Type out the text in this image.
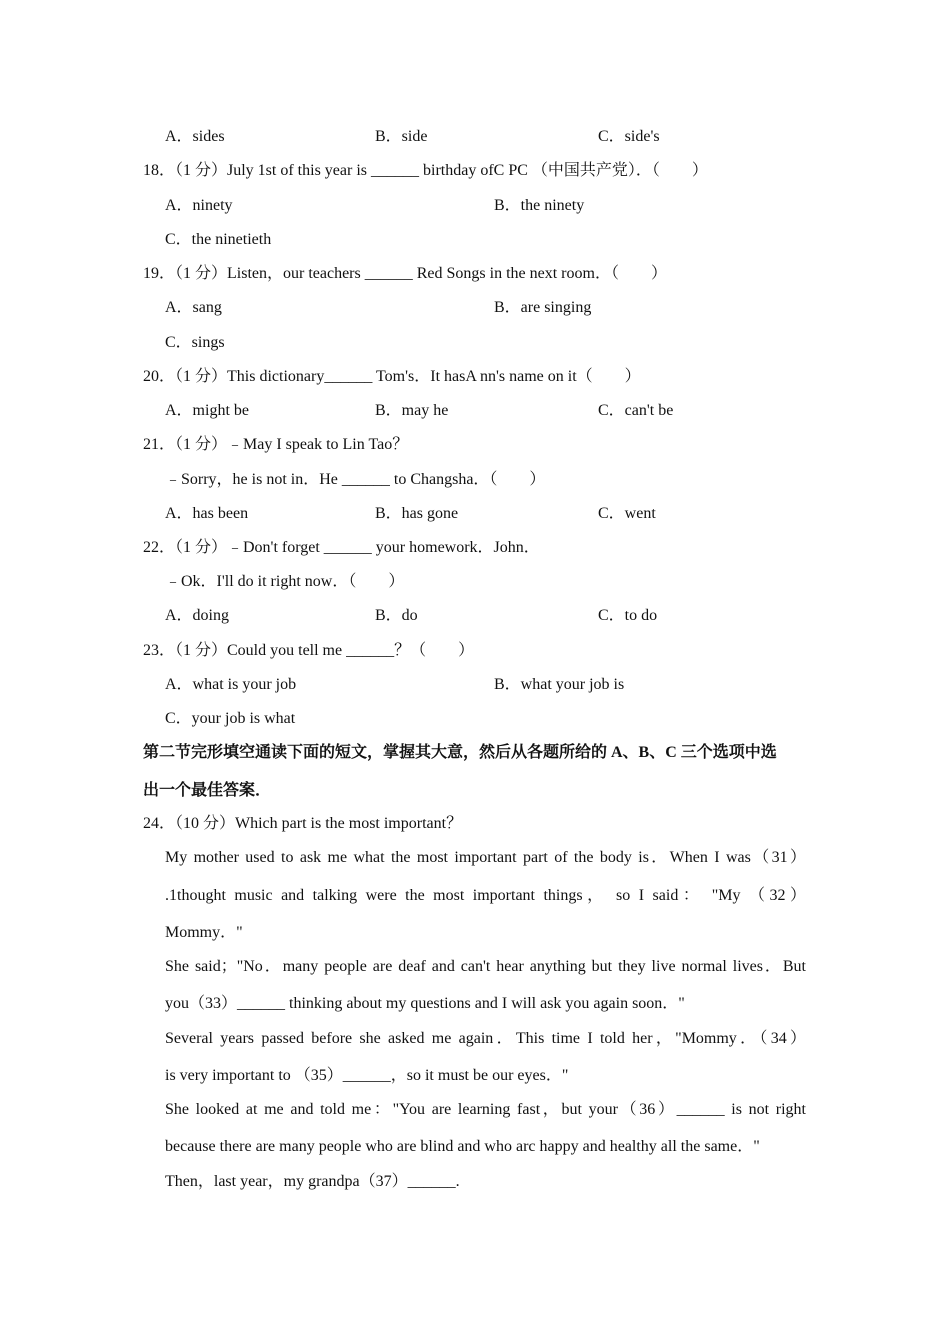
A．sides	B．side	C．side's
18．（1 分）July 1st of this year is ______ birthday ofC PC （中国共产党）．（　　）
A．ninety	B．the ninety
C．the ninetieth
19．（1 分）Listen，our teachers ______ Red Songs in the next room．（　　）
A．sang	B．are singing
C．sings
20．（1 分）This dictionary______ Tom's．It hasA nn's name on it（　　）
A．might be	B．may he	C．can't be
21．（1 分）﹣May I speak to Lin Tao？
﹣Sorry，he is not in．He ______ to Changsha．（　　）
A．has been	B．has gone	C．went
22．（1 分）﹣Don't forget ______ your homework．John．
﹣Ok．I'll do it right now．（　　）
A．doing	B．do	C．to do
23．（1 分）Could you tell me ______？（　　）
A．what is your job	B．what your job is
C．your job is what
第二节完形填空通读下面的短文，掌握其大意，然后从各题所给的 A、B、C 三个选项中选
出一个最佳答案．
24．（10 分）Which part is the most important？
My mother used to ask me what the most important part of the body is．When I was（31）
.1thought music and talking were the most important things， so I said： "My （32）
Mommy．"
She said；"No．many people are deaf and can't hear anything but they live normal lives．But
you（33）______ thinking about my questions and I will ask you again soon．"
Several years passed before she asked me again．This time I told her，"Mommy．（34）
is very important to （35）______，so it must be our eyes．"
She looked at me and told me："You are learning fast，but your（36）______ is not right
because there are many people who are blind and who arc happy and healthy all the same．"
Then，last year，my grandpa（37）______.
